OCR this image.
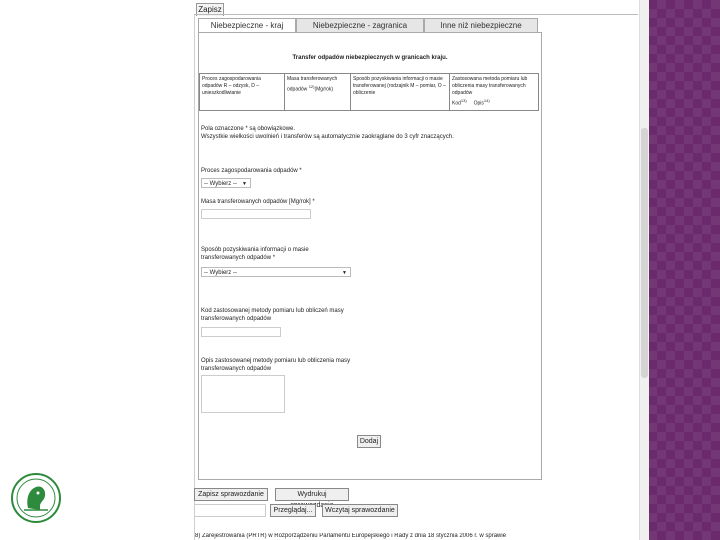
Zapisz
Niebezpieczne - kraj	Niebezpieczne - zagranica	Inne niż niebezpieczne
Transfer odpadów niebezpiecznych w granicach kraju.
Proces zagospodarowania odpadów R – odzysk, D – unieszkodliwianie	Masa transferowanych odpadów $^{12)}$(Mg/rok)	Sposób pozyskiwania informacji o masie transferowanej (rodzajnik M – pomiar, O – obliczenie	Zastosowana metoda pomiaru lub obliczenia masy transferowanych odpadów
Kod$^{13)}$     Opis$^{14)}$
Pola oznaczone * są obowiązkowe.
Wszystkie wielkości uwolnień i transferów są automatycznie zaokrąglane do 3 cyfr znaczących.
Proces zagospodarowania odpadów *
-- Wybierz -- ▼
Masa transferowanych odpadów [Mg/rok] *
Sposób pozyskiwania informacji o masie transferowanych odpadów *
-- Wybierz --	▼
Kod zastosowanej metody pomiaru lub obliczeń masy transferowanych odpadów
Opis zastosowanej metody pomiaru lub obliczenia masy transferowanych odpadów
Dodaj
Zapisz sprawozdanie	Wydrukuj
Przeglądaj...	Wczytaj sprawozdanie
8) Zarejestrowania (PRTR) w Rozporządzeniu Parlamentu Europejskiego i Rady z dnia 18 stycznia 2006 r. w sprawie
